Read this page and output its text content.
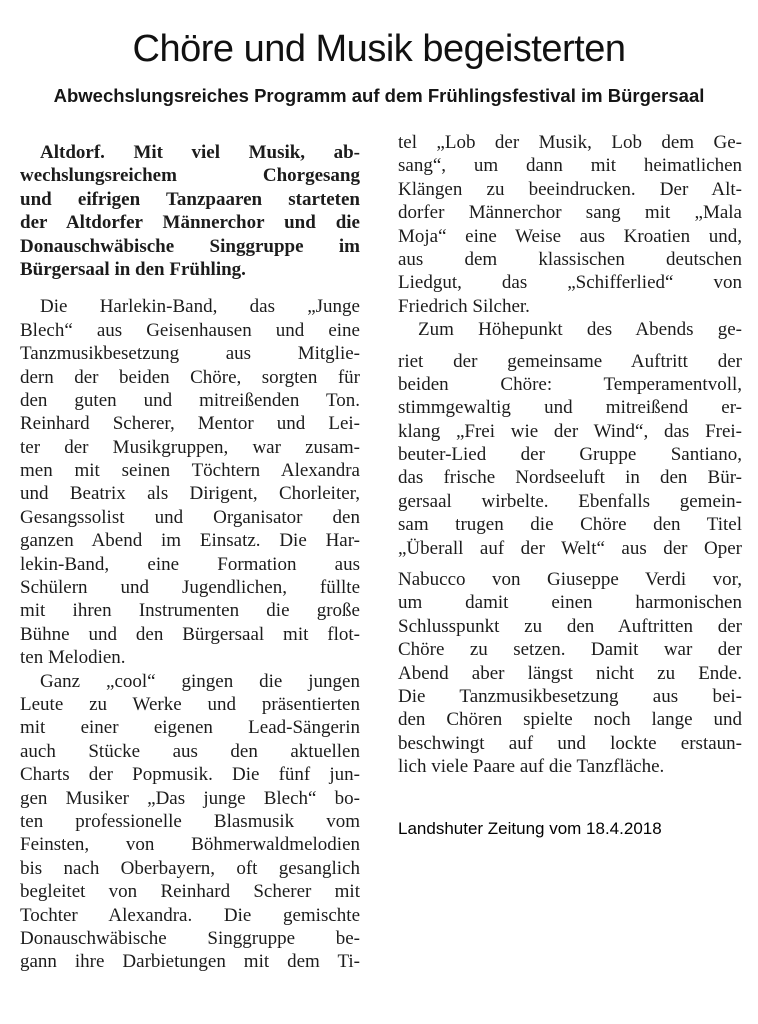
Chöre und Musik begeisterten
Abwechslungsreiches Programm auf dem Frühlingsfestival im Bürgersaal
Altdorf. Mit viel Musik, ab-
wechslungsreichem Chorgesang
und eifrigen Tanzpaaren starteten
der Altdorfer Männerchor und die
Donauschwäbische Singgruppe im
Bürgersaal in den Frühling.
Die Harlekin-Band, das „Junge
Blech“ aus Geisenhausen und eine
Tanzmusikbesetzung aus Mitglie-
dern der beiden Chöre, sorgten für
den guten und mitreißenden Ton.
Reinhard Scherer, Mentor und Lei-
ter der Musikgruppen, war zusam-
men mit seinen Töchtern Alexandra
und Beatrix als Dirigent, Chorleiter,
Gesangssolist und Organisator den
ganzen Abend im Einsatz. Die Har-
lekin-Band, eine Formation aus
Schülern und Jugendlichen, füllte
mit ihren Instrumenten die große
Bühne und den Bürgersaal mit flot-
ten Melodien.
Ganz „cool“ gingen die jungen
Leute zu Werke und präsentierten
mit einer eigenen Lead-Sängerin
auch Stücke aus den aktuellen
Charts der Popmusik. Die fünf jun-
gen Musiker „Das junge Blech“ bo-
ten professionelle Blasmusik vom
Feinsten, von Böhmerwaldmelodien
bis nach Oberbayern, oft gesanglich
begleitet von Reinhard Scherer mit
Tochter Alexandra. Die gemischte
Donauschwäbische Singgruppe be-
gann ihre Darbietungen mit dem Ti-
tel „Lob der Musik, Lob dem Ge-
sang“, um dann mit heimatlichen
Klängen zu beeindrucken. Der Alt-
dorfer Männerchor sang mit „Mala
Moja“ eine Weise aus Kroatien und,
aus dem klassischen deutschen
Liedgut, das „Schifferlied“ von
Friedrich Silcher.
Zum Höhepunkt des Abends ge-
riet der gemeinsame Auftritt der
beiden Chöre: Temperamentvoll,
stimmgewaltig und mitreißend er-
klang „Frei wie der Wind“, das Frei-
beuter-Lied der Gruppe Santiano,
das frische Nordseeluft in den Bür-
gersaal wirbelte. Ebenfalls gemein-
sam trugen die Chöre den Titel
„Überall auf der Welt“ aus der Oper
Nabucco von Giuseppe Verdi vor,
um damit einen harmonischen
Schlusspunkt zu den Auftritten der
Chöre zu setzen. Damit war der
Abend aber längst nicht zu Ende.
Die Tanzmusikbesetzung aus bei-
den Chören spielte noch lange und
beschwingt auf und lockte erstaun-
lich viele Paare auf die Tanzfläche.
Landshuter Zeitung vom 18.4.2018
